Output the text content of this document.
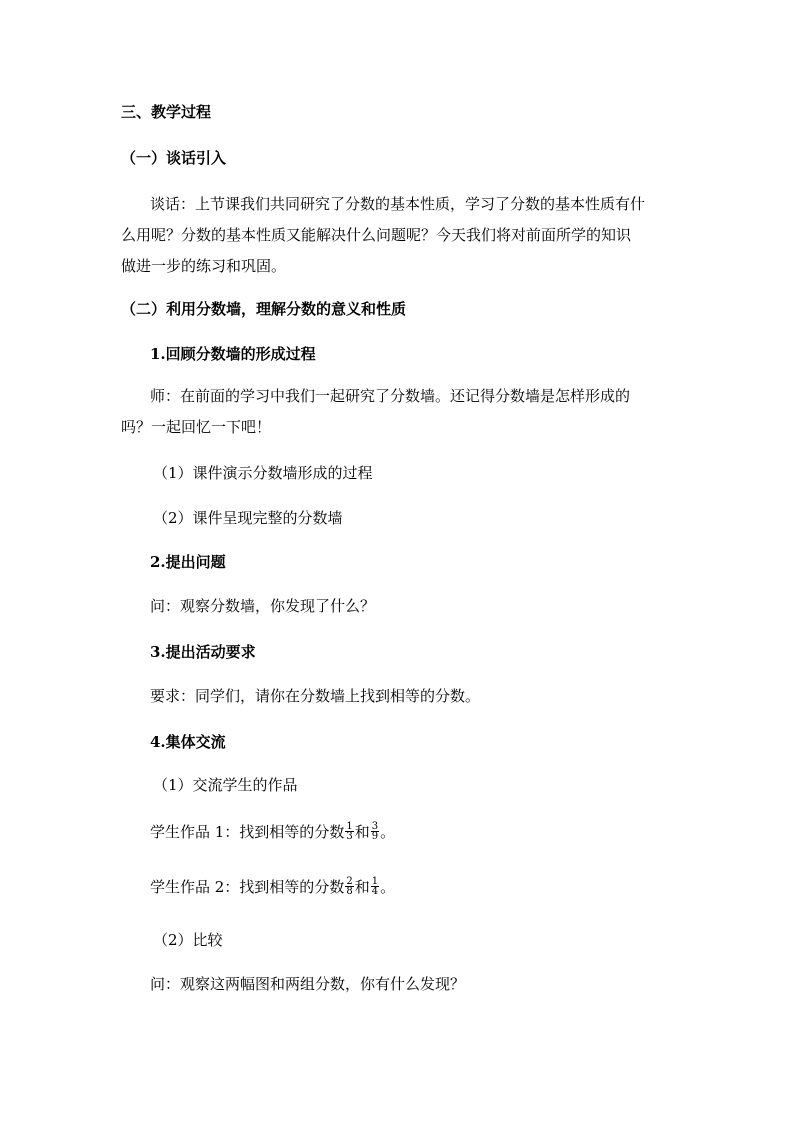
三、教学过程
（一）谈话引入
谈话：上节课我们共同研究了分数的基本性质，学习了分数的基本性质有什
么用呢？分数的基本性质又能解决什么问题呢？今天我们将对前面所学的知识
做进一步的练习和巩固。
（二）利用分数墙，理解分数的意义和性质
1.回顾分数墙的形成过程
师：在前面的学习中我们一起研究了分数墙。还记得分数墙是怎样形成的
吗？一起回忆一下吧！
（1）课件演示分数墙形成的过程
（2）课件呈现完整的分数墙
2.提出问题
问：观察分数墙，你发现了什么？
3.提出活动要求
要求：同学们，请你在分数墙上找到相等的分数。
4.集体交流
（1）交流学生的作品
学生作品 1：找到相等的分数 $\frac{1}{3}$ 和 $\frac{3}{9}$ 。
学生作品 2：找到相等的分数 $\frac{2}{8}$ 和 $\frac{1}{4}$ 。
（2）比较
问：观察这两幅图和两组分数，你有什么发现？
